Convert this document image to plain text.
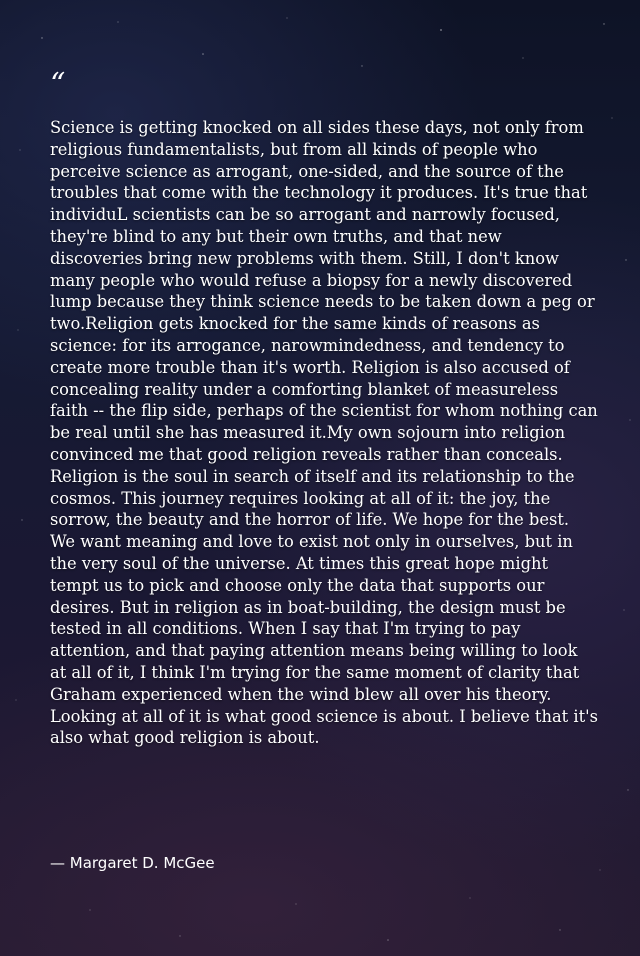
“

Science is getting knocked on all sides these days, not only from religious fundamentalists, but from all kinds of people who perceive science as arrogant, one-sided, and the source of the troubles that come with the technology it produces. It's true that individuL scientists can be so arrogant and narrowly focused, they're blind to any but their own truths, and that new discoveries bring new problems with them. Still, I don't know many people who would refuse a biopsy for a newly discovered lump because they think science needs to be taken down a peg or two.Religion gets knocked for the same kinds of reasons as science: for its arrogance, narowmindedness, and tendency to create more trouble than it's worth. Religion is also accused of concealing reality under a comforting blanket of measureless faith -- the flip side, perhaps of the scientist for whom nothing can be real until she has measured it.My own sojourn into religion convinced me that good religion reveals rather than conceals. Religion is the soul in search of itself and its relationship to the cosmos. This journey requires looking at all of it: the joy, the sorrow, the beauty and the horror of life. We hope for the best. We want meaning and love to exist not only in ourselves, but in the very soul of the universe. At times this great hope might tempt us to pick and choose only the data that supports our desires. But in religion as in boat-building, the design must be tested in all conditions. When I say that I'm trying to pay attention, and that paying attention means being willing to look at all of it, I think I'm trying for the same moment of clarity that Graham experienced when the wind blew all over his theory. Looking at all of it is what good science is about. I believe that it's also what good religion is about.

— Margaret D. McGee
